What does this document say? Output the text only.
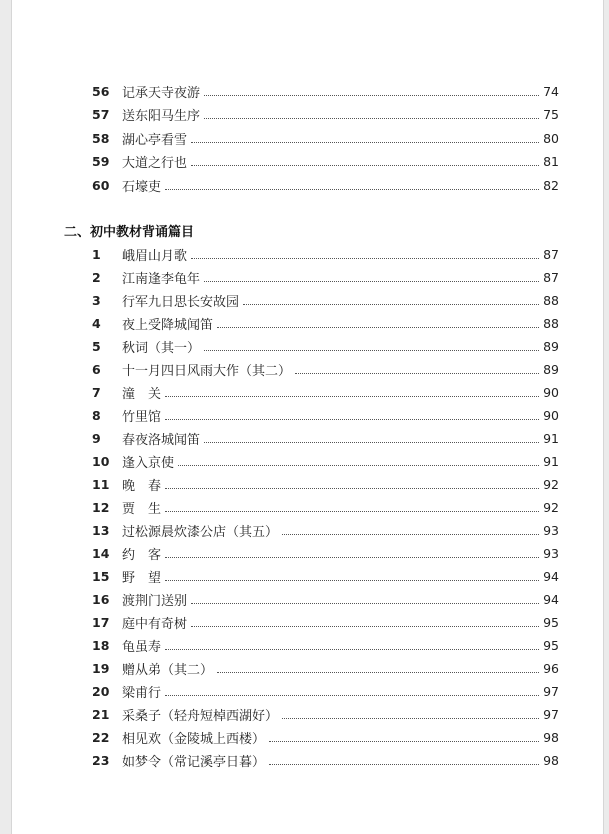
二、初中教材背诵篇目
56 记承天寺夜游	74
57 送东阳马生序	75
58 湖心亭看雪	80
59 大道之行也	81
60 石壕吏	82
1	峨眉山月歌	87
2	江南逢李龟年	87
3	行军九日思长安故园	88
4	夜上受降城闻笛	88
5	秋词（其一）	89
6	十一月四日风雨大作（其二）	89
7	潼　关	90
8	竹里馆	90
9	春夜洛城闻笛	91
10 逢入京使	91
11 晚　春	92
12 贾　生	92
13 过松源晨炊漆公店（其五）	93
14 约　客	93
15 野　望	94
16 渡荆门送别	94
17 庭中有奇树	95
18 龟虽寿	95
19 赠从弟（其二）	96
20 梁甫行	97
21 采桑子（轻舟短棹西湖好）	97
22 相见欢（金陵城上西楼）	98
23 如梦令（常记溪亭日暮）	98
